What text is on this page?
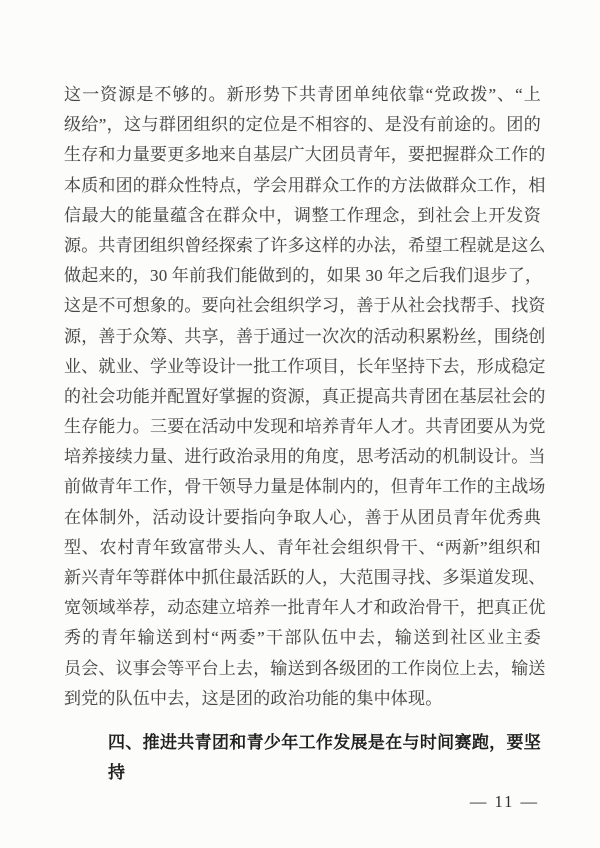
这一资源是不够的。新形势下共青团单纯依靠“党政拨”、“上
级给”，这与群团组织的定位是不相容的、是没有前途的。团的
生存和力量要更多地来自基层广大团员青年，要把握群众工作的
本质和团的群众性特点，学会用群众工作的方法做群众工作，相
信最大的能量蕴含在群众中，调整工作理念，到社会上开发资
源。共青团组织曾经探索了许多这样的办法，希望工程就是这么
做起来的，30 年前我们能做到的，如果 30 年之后我们退步了，
这是不可想象的。要向社会组织学习，善于从社会找帮手、找资
源，善于众筹、共享，善于通过一次次的活动积累粉丝，围绕创
业、就业、学业等设计一批工作项目，长年坚持下去，形成稳定
的社会功能并配置好掌握的资源，真正提高共青团在基层社会的
生存能力。三要在活动中发现和培养青年人才。共青团要从为党
培养接续力量、进行政治录用的角度，思考活动的机制设计。当
前做青年工作，骨干领导力量是体制内的，但青年工作的主战场
在体制外，活动设计要指向争取人心，善于从团员青年优秀典
型、农村青年致富带头人、青年社会组织骨干、“两新”组织和
新兴青年等群体中抓住最活跃的人，大范围寻找、多渠道发现、
宽领域举荐，动态建立培养一批青年人才和政治骨干，把真正优
秀的青年输送到村“两委”干部队伍中去，输送到社区业主委
员会、议事会等平台上去，输送到各级团的工作岗位上去，输送
到党的队伍中去，这是团的政治功能的集中体现。
四、推进共青团和青少年工作发展是在与时间赛跑，要坚持
— 11 —
